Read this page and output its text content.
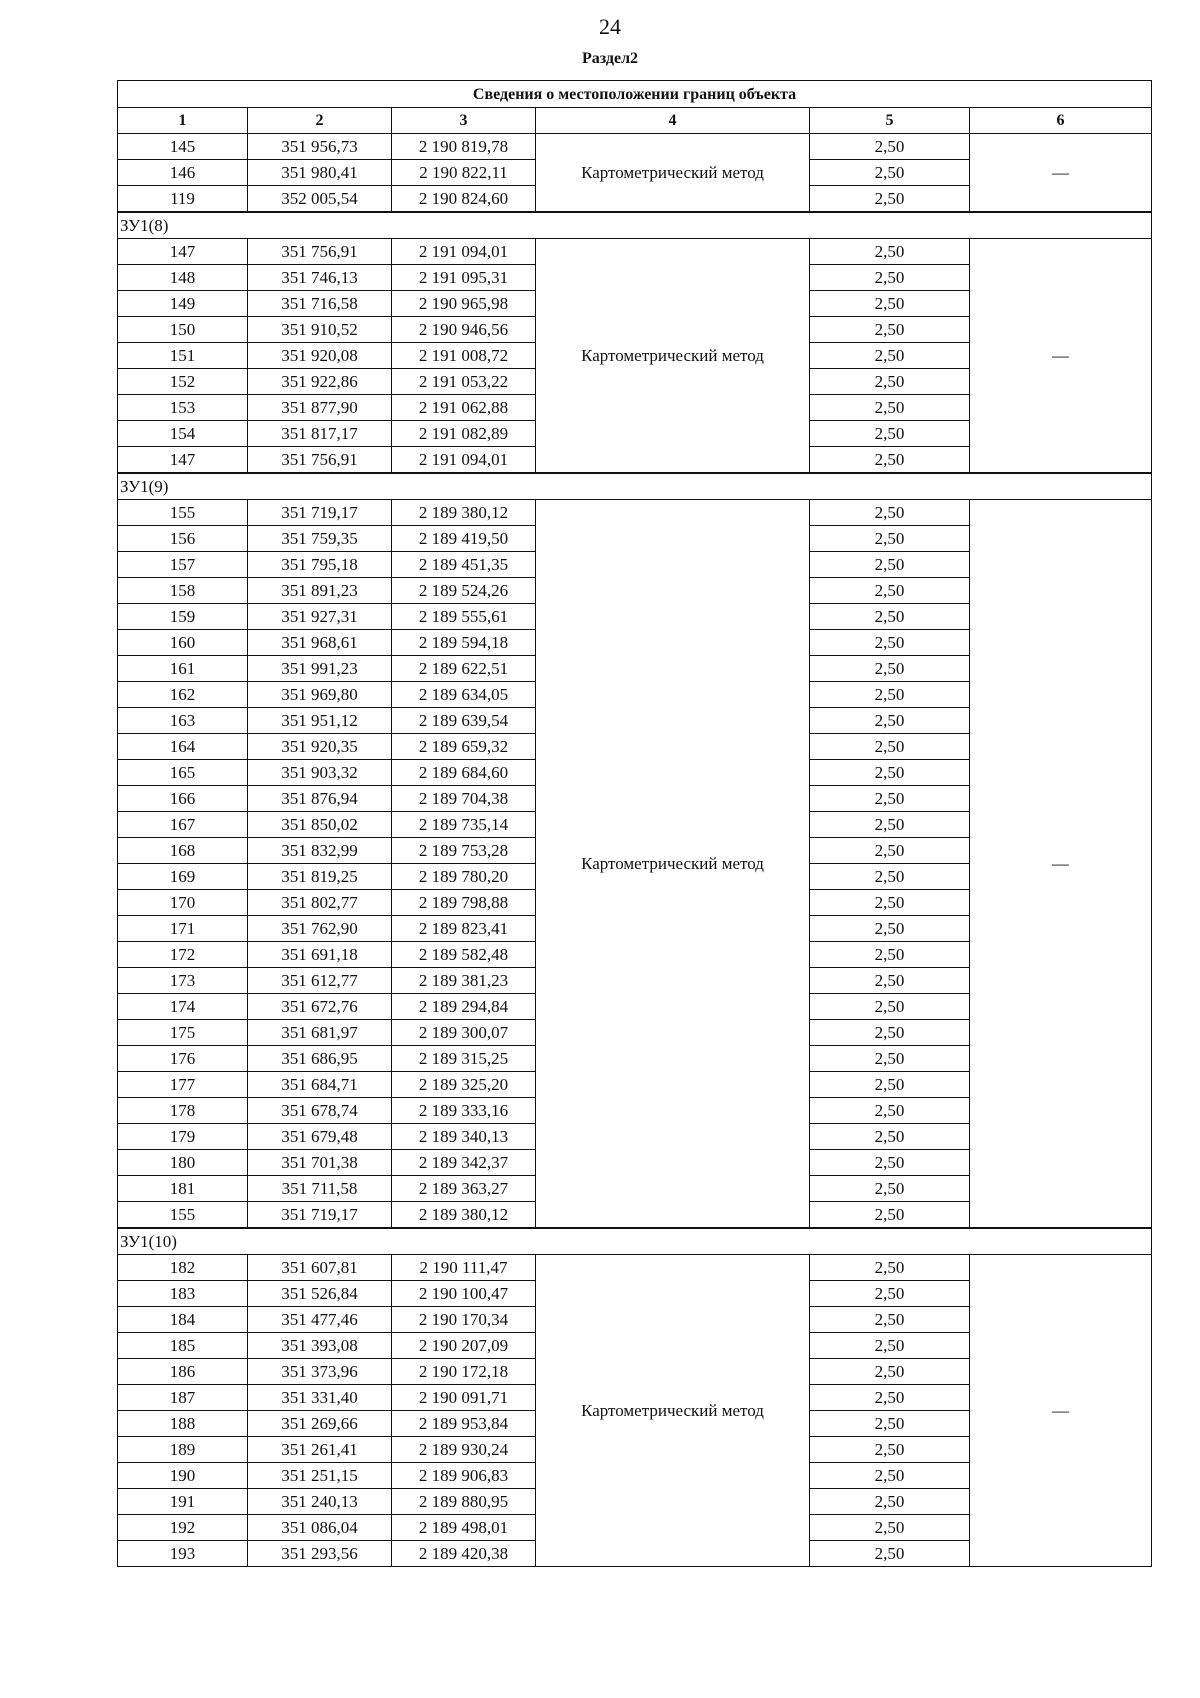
24
Раздел2
Сведения о местоположении границ объекта					
1	2	3	4	5	6
145	351 956,73	2 190 819,78	Картометрический метод	2,50	—
146	351 980,41	2 190 822,11		2,50	
119	352 005,54	2 190 824,60		2,50	
ЗУ1(8)					
147	351 756,91	2 191 094,01	Картометрический метод	2,50	—
148	351 746,13	2 191 095,31		2,50	
149	351 716,58	2 190 965,98		2,50	
150	351 910,52	2 190 946,56		2,50	
151	351 920,08	2 191 008,72		2,50	
152	351 922,86	2 191 053,22		2,50	
153	351 877,90	2 191 062,88		2,50	
154	351 817,17	2 191 082,89		2,50	
147	351 756,91	2 191 094,01		2,50	
ЗУ1(9)					
155	351 719,17	2 189 380,12	Картометрический метод	2,50	—
156	351 759,35	2 189 419,50		2,50	
157	351 795,18	2 189 451,35		2,50	
158	351 891,23	2 189 524,26		2,50	
159	351 927,31	2 189 555,61		2,50	
160	351 968,61	2 189 594,18		2,50	
161	351 991,23	2 189 622,51		2,50	
162	351 969,80	2 189 634,05		2,50	
163	351 951,12	2 189 639,54		2,50	
164	351 920,35	2 189 659,32		2,50	
165	351 903,32	2 189 684,60		2,50	
166	351 876,94	2 189 704,38		2,50	
167	351 850,02	2 189 735,14		2,50	
168	351 832,99	2 189 753,28		2,50	
169	351 819,25	2 189 780,20		2,50	
170	351 802,77	2 189 798,88		2,50	
171	351 762,90	2 189 823,41		2,50	
172	351 691,18	2 189 582,48		2,50	
173	351 612,77	2 189 381,23		2,50	
174	351 672,76	2 189 294,84		2,50	
175	351 681,97	2 189 300,07		2,50	
176	351 686,95	2 189 315,25		2,50	
177	351 684,71	2 189 325,20		2,50	
178	351 678,74	2 189 333,16		2,50	
179	351 679,48	2 189 340,13		2,50	
180	351 701,38	2 189 342,37		2,50	
181	351 711,58	2 189 363,27		2,50	
155	351 719,17	2 189 380,12		2,50	
ЗУ1(10)					
182	351 607,81	2 190 111,47	Картометрический метод	2,50	—
183	351 526,84	2 190 100,47		2,50	
184	351 477,46	2 190 170,34		2,50	
185	351 393,08	2 190 207,09		2,50	
186	351 373,96	2 190 172,18		2,50	
187	351 331,40	2 190 091,71		2,50	
188	351 269,66	2 189 953,84		2,50	
189	351 261,41	2 189 930,24		2,50	
190	351 251,15	2 189 906,83		2,50	
191	351 240,13	2 189 880,95		2,50	
192	351 086,04	2 189 498,01		2,50	
193	351 293,56	2 189 420,38		2,50	
